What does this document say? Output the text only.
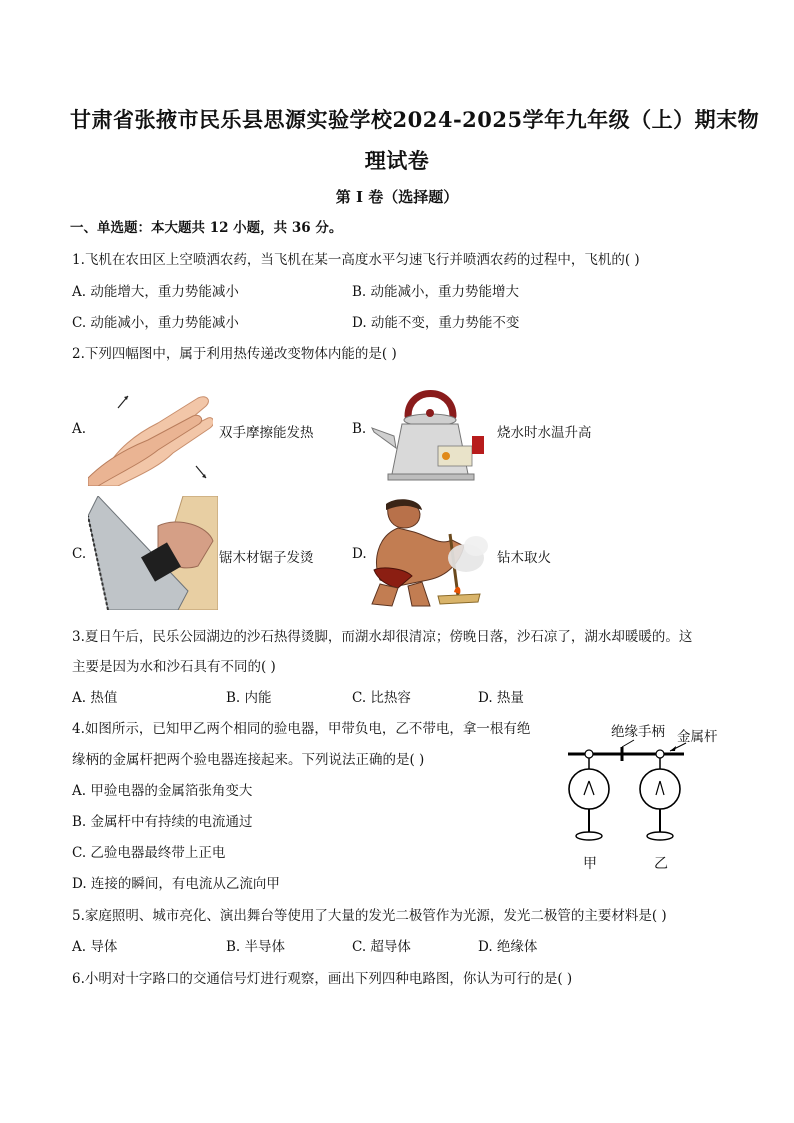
甘肃省张掖市民乐县思源实验学校2024-2025学年九年级（上）期末物
理试卷
第 I 卷（选择题）
一、单选题：本大题共 12 小题，共 36 分。
1.飞机在农田区上空喷洒农药，当飞机在某一高度水平匀速飞行并喷洒农药的过程中，飞机的( )
A. 动能增大，重力势能减小	B. 动能减小，重力势能增大
C. 动能减小，重力势能减小	D. 动能不变，重力势能不变
2.下列四幅图中，属于利用热传递改变物体内能的是( )
A.	双手摩擦能发热	B.	烧水时水温升高
C.	锯木材锯子发烫	D.	钻木取火
3.夏日午后，民乐公园湖边的沙石热得烫脚，而湖水却很清凉；傍晚日落，沙石凉了，湖水却暖暖的。这
主要是因为水和沙石具有不同的( )
A. 热值	B. 内能	C. 比热容	D. 热量
4.如图所示，已知甲乙两个相同的验电器，甲带负电，乙不带电，拿一根有绝
缘柄的金属杆把两个验电器连接起来。下列说法正确的是( )
A. 甲验电器的金属箔张角变大
B. 金属杆中有持续的电流通过
C. 乙验电器最终带上正电
D. 连接的瞬间，有电流从乙流向甲
绝缘手柄 金属杆
甲	乙
5.家庭照明、城市亮化、演出舞台等使用了大量的发光二极管作为光源，发光二极管的主要材料是( )
A. 导体	B. 半导体	C. 超导体	D. 绝缘体
6.小明对十字路口的交通信号灯进行观察，画出下列四种电路图，你认为可行的是( )
